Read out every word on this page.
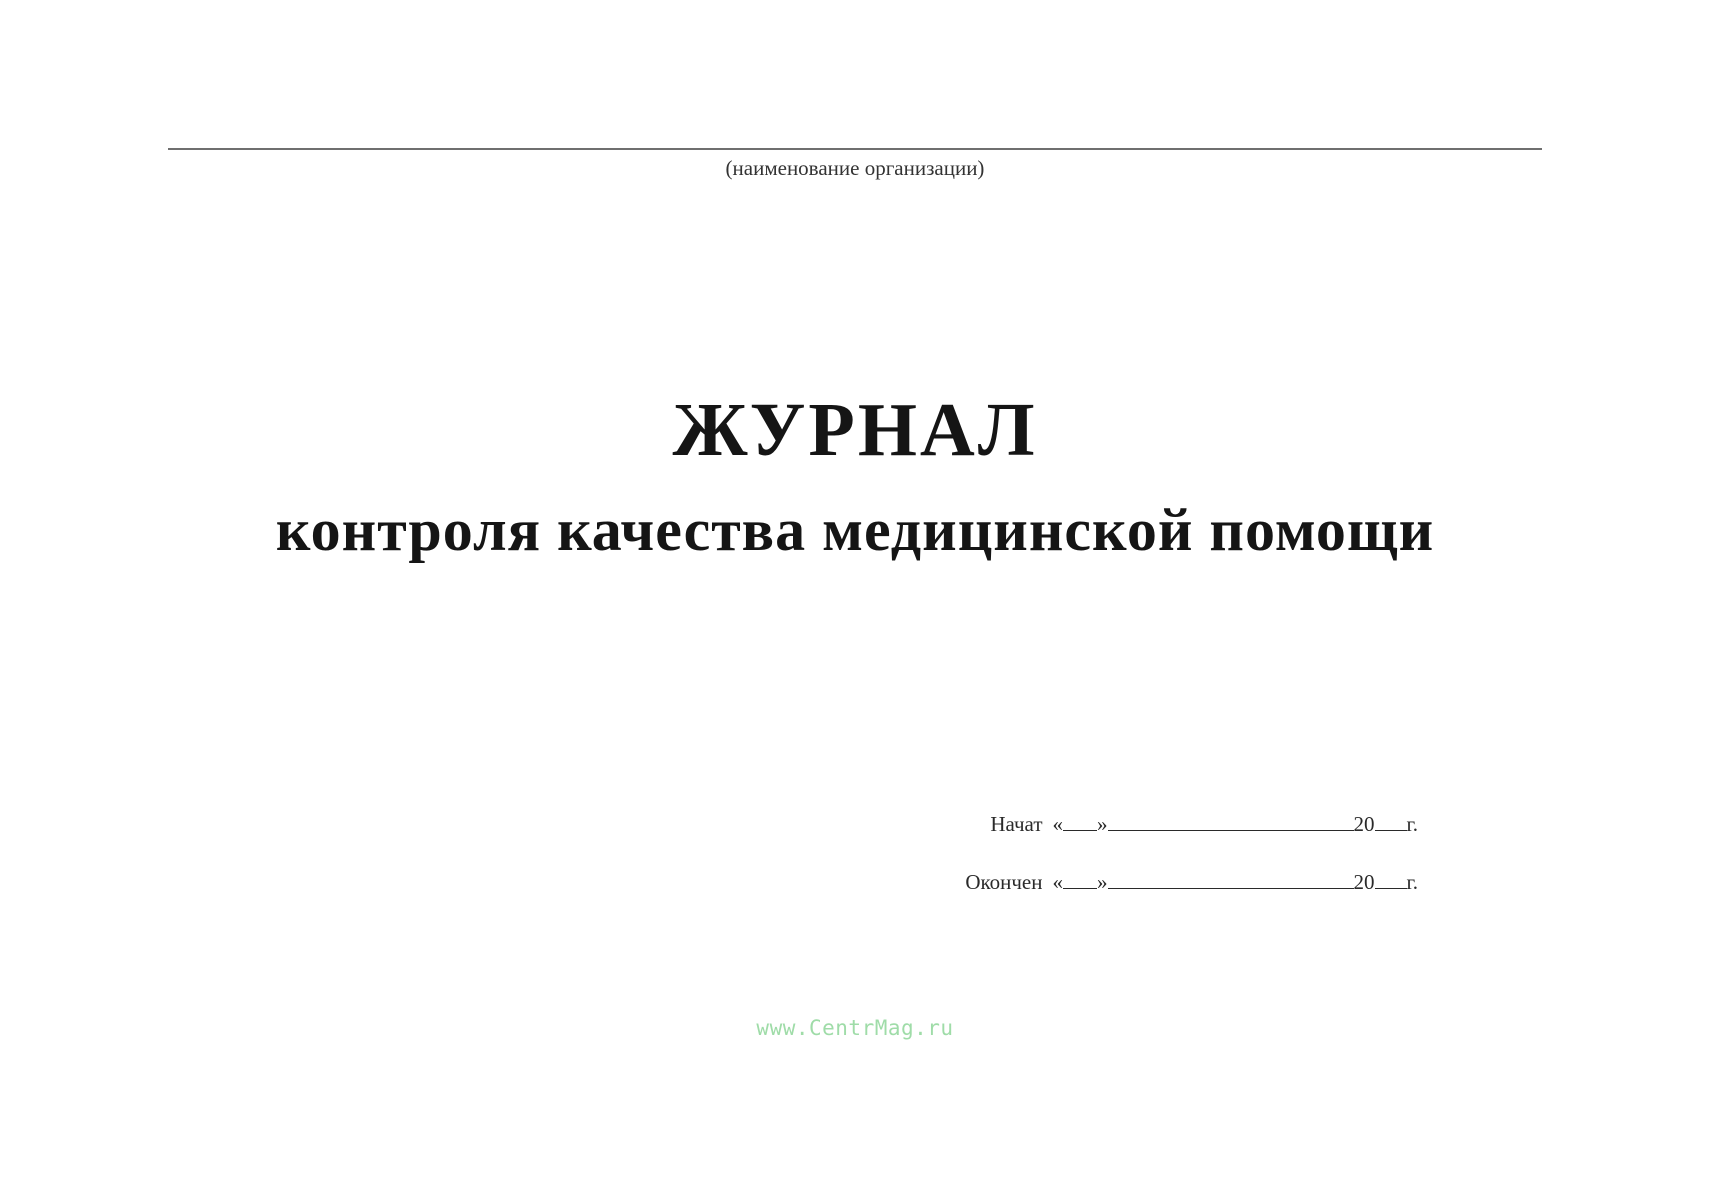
(наименование организации)
ЖУРНАЛ
контроля качества медицинской помощи
Начат « »	20 г.
Окончен « »	20 г.
www.CentrMag.ru
